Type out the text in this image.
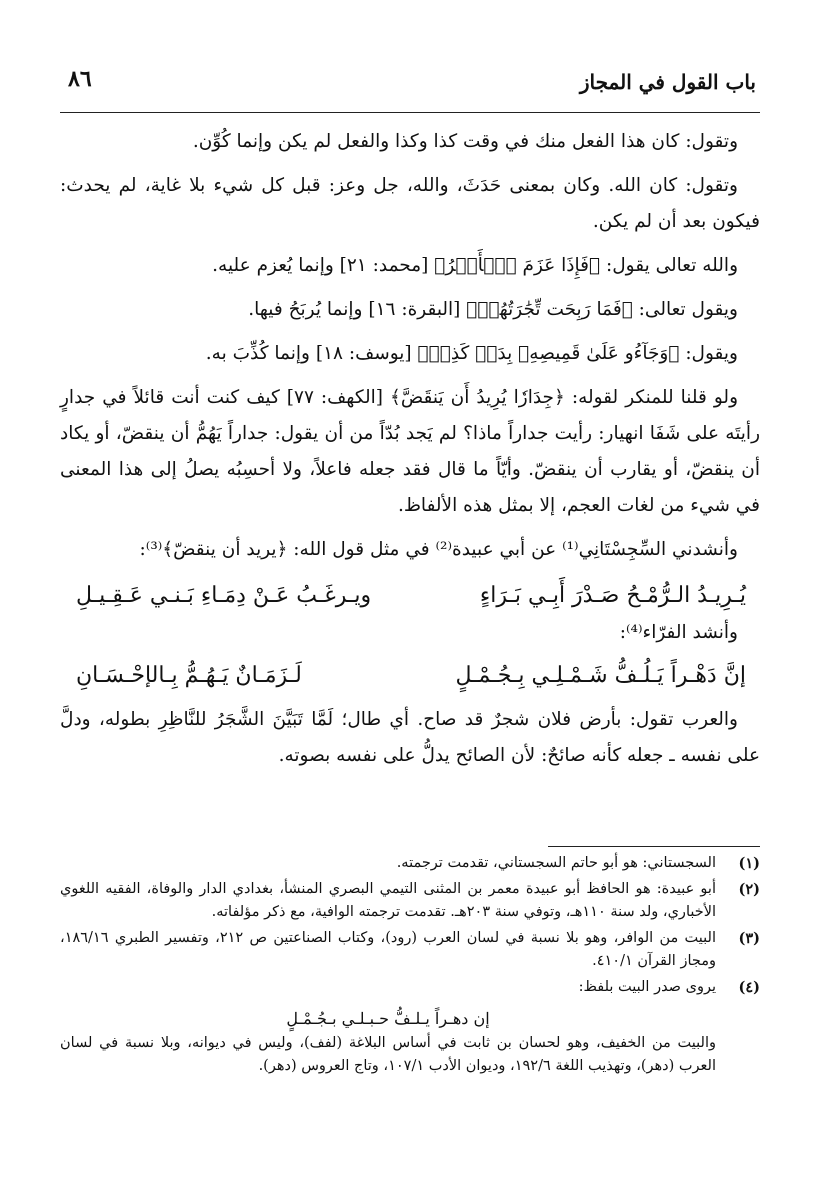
٨٦	باب القول في المجاز

وتقول: كان هذا الفعل منك في وقت كذا وكذا والفعل لم يكن وإنما كُوِّن.

وتقول: كان الله. وكان بمعنى حَدَثَ، والله، جل وعز: قبل كل شيء بلا غاية، لم يحدث: فيكون بعد أن لم يكن.

والله تعالى يقول: ﴿فَإِذَا عَزَمَ ٱلۡأَمۡرُ﴾ [محمد: ٢١] وإنما يُعزم عليه.

ويقول تعالى: ﴿فَمَا رَبِحَت تِّجَٰرَتُهُمۡ﴾ [البقرة: ١٦] وإنما يُربَحُ فيها.

ويقول: ﴿وَجَآءُو عَلَىٰ قَمِيصِهِۦ بِدَمٖ كَذِبٖ﴾ [يوسف: ١٨] وإنما كُذِّبَ به.

ولو قلنا للمنكر لقوله: ﴿جِدَارٗا يُرِيدُ أَن يَنقَضَّ﴾ [الكهف: ٧٧] كيف كنت أنت قائلاً في جدارٍ رأيتَه على شَفَا انهيار: رأيت جداراً ماذا؟ لم يَجد بُدّاً من أن يقول: جداراً يَهُمُّ أن ينقضّ، أو يكاد أن ينقضّ، أو يقارب أن ينقضّ. وأيّاً ما قال فقد جعله فاعلاً، ولا أحسِبُه يصلُ إلى هذا المعنى في شيء من لغات العجم، إلا بمثل هذه الألفاظ.

وأنشدني السِّجِسْتَانِي⁽¹⁾ عن أبي عبيدة⁽²⁾ في مثل قول الله: ﴿يريد أن ينقضّ﴾⁽³⁾:

يُـرِيـدُ الـرُّمْـحُ صَـدْرَ أَبِـي بَـرَاءٍ
ويـرغَـبُ عَـنْ دِمَـاءِ بَـنـي عَـقِـيـلِ

وأنشد الفرّاء⁽⁴⁾:

إنَّ دَهْـراً يَـلُـفُّ شَـمْـلِـي بِـجُـمْـلٍ
لَـزَمَـانٌ يَـهُـمُّ بِـالإحْـسَـانِ

والعرب تقول: بأرض فلان شجرٌ قد صاح. أي طال؛ لَمَّا تَبَيَّنَ الشَّجَرُ للنَّاظِرِ بطوله، ودلَّ على نفسه ـ جعله كأنه صائحٌ: لأن الصائح يدلُّ على نفسه بصوته.

(١)
السجستاني: هو أبو حاتم السجستاني، تقدمت ترجمته.
(٢)
أبو عبيدة: هو الحافظ أبو عبيدة معمر بن المثنى التيمي البصري المنشأ، بغدادي الدار والوفاة، الفقيه اللغوي الأخباري، ولد سنة ١١٠هـ، وتوفي سنة ٢٠٣هـ. تقدمت ترجمته الوافية، مع ذكر مؤلفاته.
(٣)
البيت من الوافر، وهو بلا نسبة في لسان العرب (رود)، وكتاب الصناعتين ص ٢١٢، وتفسير الطبري ١٨٦/١٦، ومجاز القرآن ٤١٠/١.
(٤)
يروى صدر البيت بلفظ:
إن دهـراً يـلـفُّ حـبـلـي بـجُـمْـلٍ
والبيت من الخفيف، وهو لحسان بن ثابت في أساس البلاغة (لفف)، وليس في ديوانه، وبلا نسبة في لسان العرب (دهر)، وتهذيب اللغة ١٩٢/٦، وديوان الأدب ١٠٧/١، وتاج العروس (دهر).
